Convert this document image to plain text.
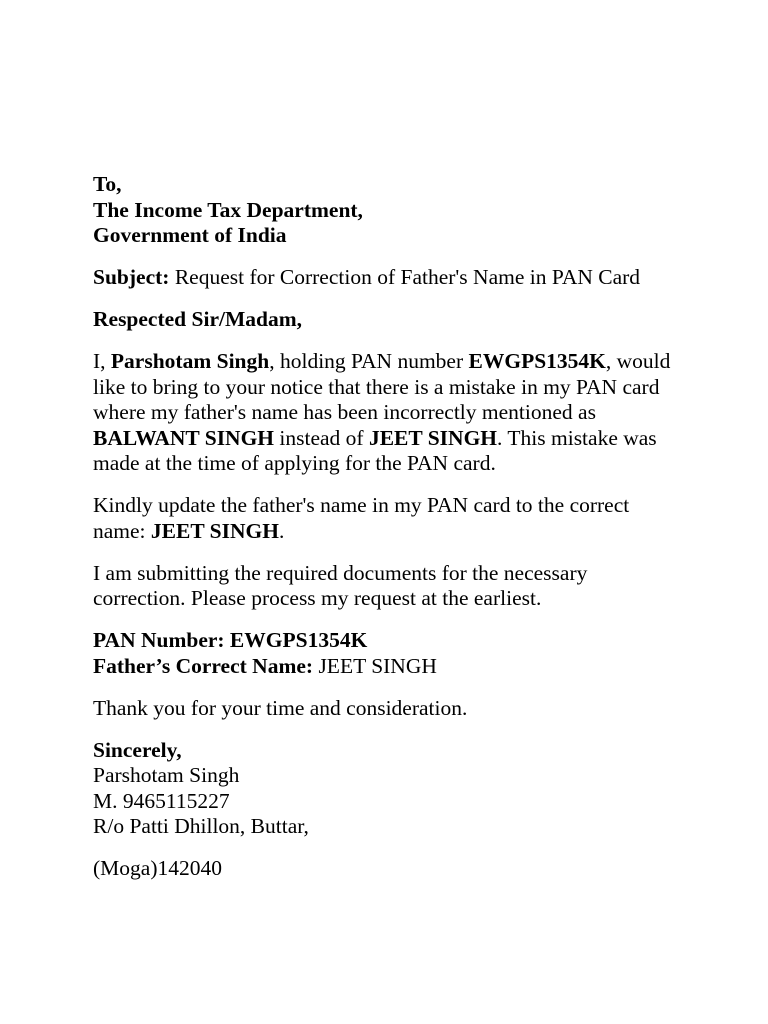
To,
The Income Tax Department,
Government of India
Subject: Request for Correction of Father's Name in PAN Card
Respected Sir/Madam,
I, Parshotam Singh, holding PAN number EWGPS1354K, would like to bring to your notice that there is a mistake in my PAN card where my father's name has been incorrectly mentioned as BALWANT SINGH instead of JEET SINGH. This mistake was made at the time of applying for the PAN card.
Kindly update the father's name in my PAN card to the correct name: JEET SINGH.
I am submitting the required documents for the necessary correction. Please process my request at the earliest.
PAN Number: EWGPS1354K
Father’s Correct Name: JEET SINGH
Thank you for your time and consideration.
Sincerely,
Parshotam Singh
M. 9465115227
R/o Patti Dhillon, Buttar,
(Moga)142040
